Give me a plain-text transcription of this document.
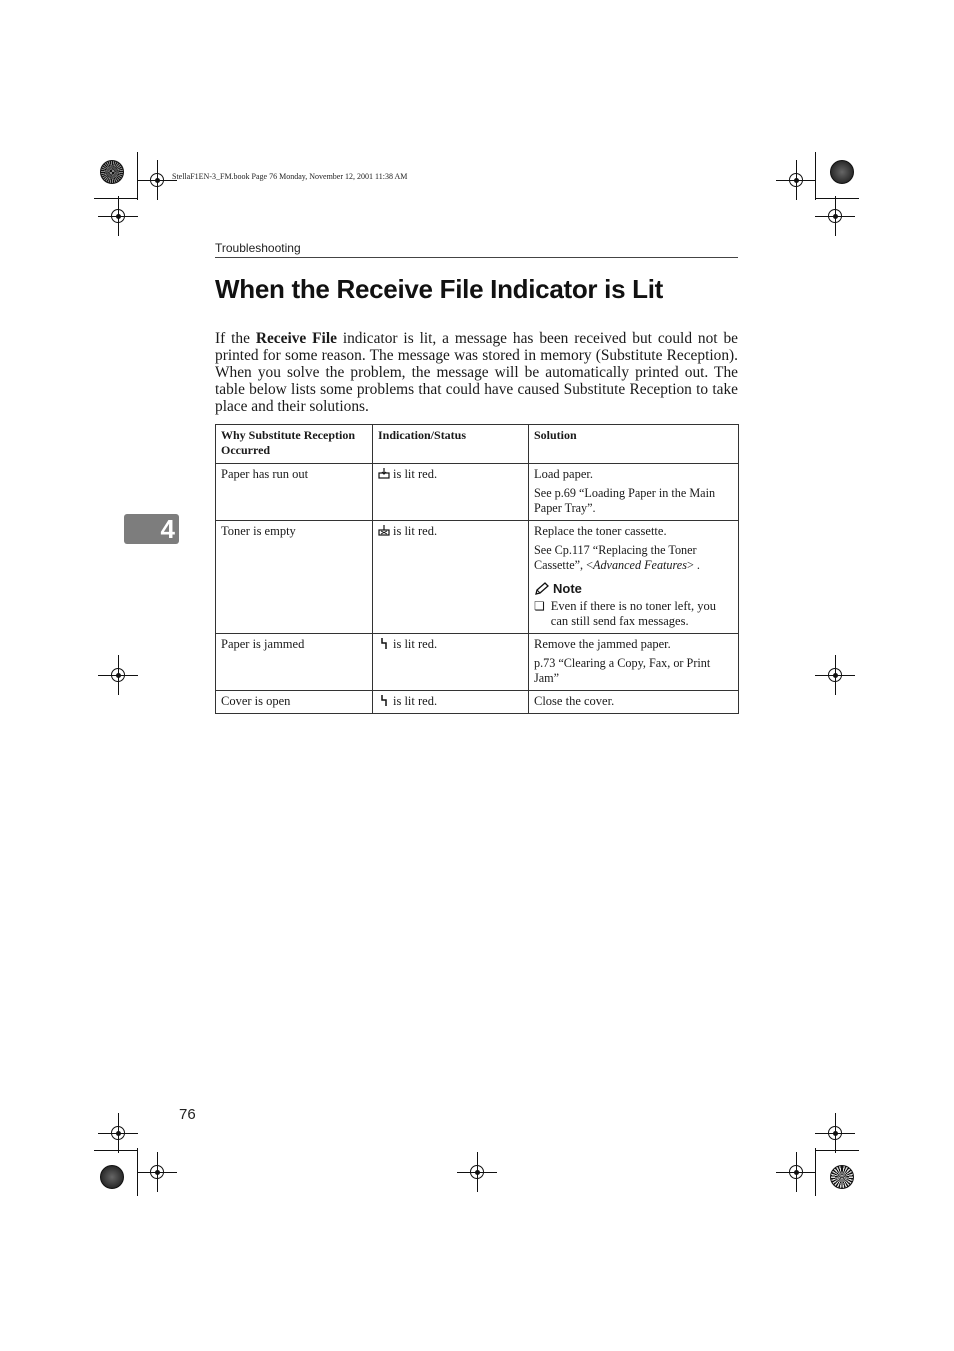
StellaF1EN-3_FM.book Page 76 Monday, November 12, 2001 11:38 AM
Troubleshooting
When the Receive File Indicator is Lit

If the Receive File indicator is lit, a message has been received but could not be printed for some reason. The message was stored in memory (Substitute Reception). When you solve the problem, the message will be automatically printed out. The table below lists some problems that could have caused Substitute Reception to take place and their solutions.

4
Why Substitute Reception Occurred	Indication/Status	Solution
Paper has run out	is lit red.	Load paper.
See p.69 “Loading Paper in the Main Paper Tray”.

Toner is empty	is lit red.	Replace the toner cassette.
See Cp.117 “Replacing the Toner Cassette”, <Advanced Features> .
Note
❏ Even if there is no toner left, you can still send fax messages.

Paper is jammed	is lit red.	Remove the jammed paper.
p.73 “Clearing a Copy, Fax, or Print Jam”

Cover is open	is lit red.	Close the cover.
76
